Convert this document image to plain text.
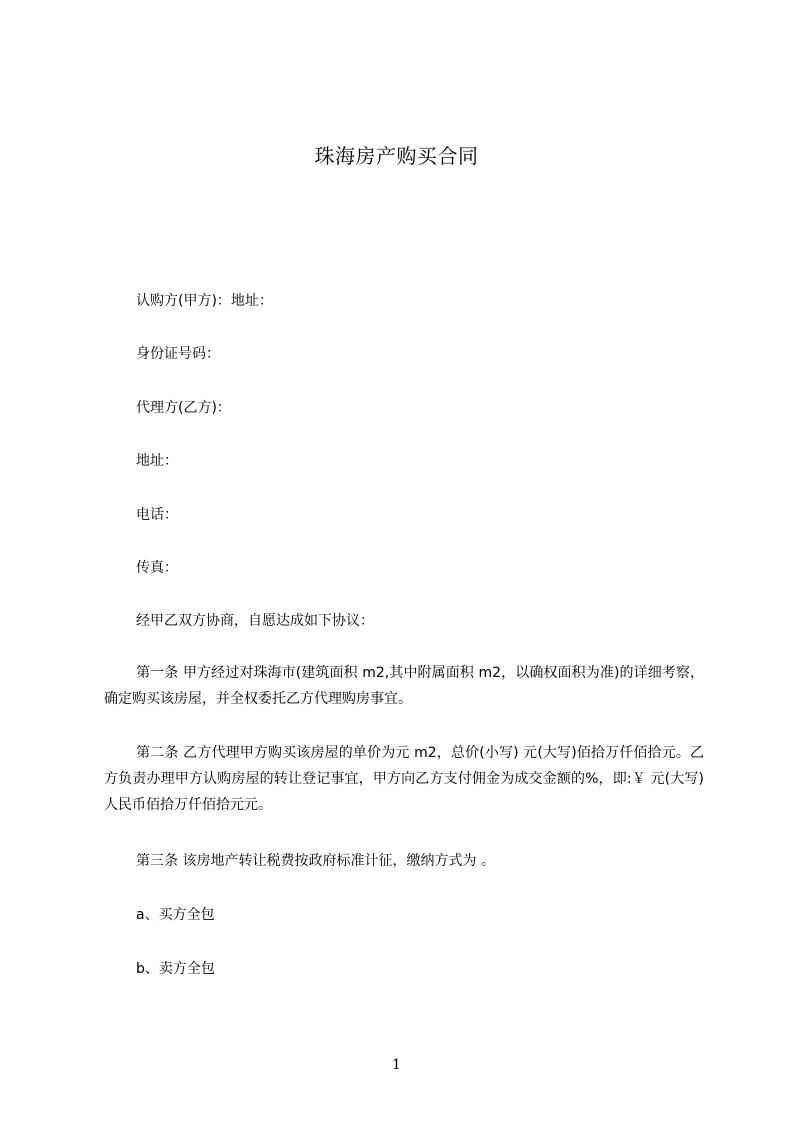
珠海房产购买合同
认购方(甲方)：地址：
身份证号码：
代理方(乙方)：
地址：
电话：
传真：
经甲乙双方协商，自愿达成如下协议：
第一条 甲方经过对珠海市(建筑面积 m2,其中附属面积 m2，以确权面积为准)的详细考察，确定购买该房屋，并全权委托乙方代理购房事宜。
第二条 乙方代理甲方购买该房屋的单价为元 m2，总价(小写) 元(大写)佰拾万仟佰拾元。乙方负责办理甲方认购房屋的转让登记事宜，甲方向乙方支付佣金为成交金额的%，即:￥ 元(大写)人民币佰拾万仟佰拾元元。
第三条 该房地产转让税费按政府标准计征，缴纳方式为 。
a、买方全包
b、卖方全包
1
